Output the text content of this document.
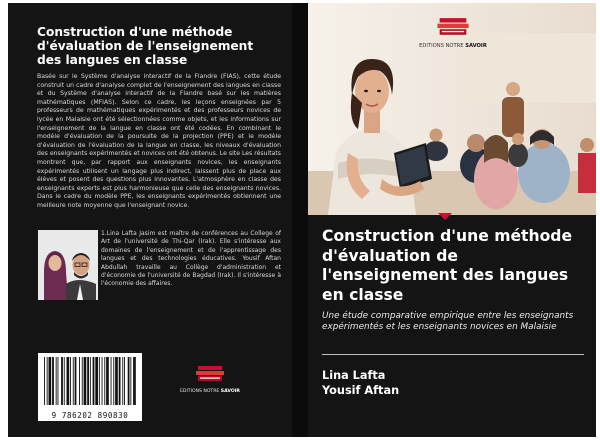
Construction d'une méthode d'évaluation de l'enseignement des langues en classe
Basée sur le Système d'analyse interactif de la Flandre (FIAS), cette étude construit un cadre d'analyse complet de l'enseignement des langues en classe et du Système d'analyse interactif de la Flandre basé sur les matières mathématiques (MFIAS). Selon ce cadre, les leçons enseignées par 5 professeurs de mathématiques expérimentés et des professeurs novices de lycée en Malaisie ont été sélectionnées comme objets, et les informations sur l'enseignement de la langue en classe ont été codées. En combinant le modèle d'évaluation de la poursuite de la projection (PPE) et le modèle d'évaluation de l'évaluation de la langue en classe, les niveaux d'évaluation des enseignants expérimentés et novices ont été obtenus. Le site Les résultats montrent que, par rapport aux enseignants novices, les enseignants expérimentés utilisent un langage plus indirect, laissent plus de place aux élèves et posent des questions plus innovantes. L'atmosphère en classe des enseignants experts est plus harmonieuse que celle des enseignants novices. Dans le cadre du modèle PPE, les enseignants expérimentés obtiennent une meilleure note moyenne que l'enseignant novice.
1.Lina Lafta Jasim est maître de conférences au College of Art de l'université de Thi-Qar (Irak). Elle s'intéresse aux domaines de l'enseignement et de l'apprentissage des langues et des technologies éducatives. Yousif Aftan Abdullah travaille au Collège d'administration et d'économie de l'université de Bagdad (Irak). Il s'intéresse à l'économie des affaires.
9 786202 890830
EDITIONS NOTRE SAVOIR
EDITIONS NOTRE SAVOIR
Construction d'une méthode d'évaluation de l'enseignement des langues en classe
Une étude comparative empirique entre les enseignants expérimentés et les enseignants novices en Malaisie
Lina Lafta
Yousif Aftan
